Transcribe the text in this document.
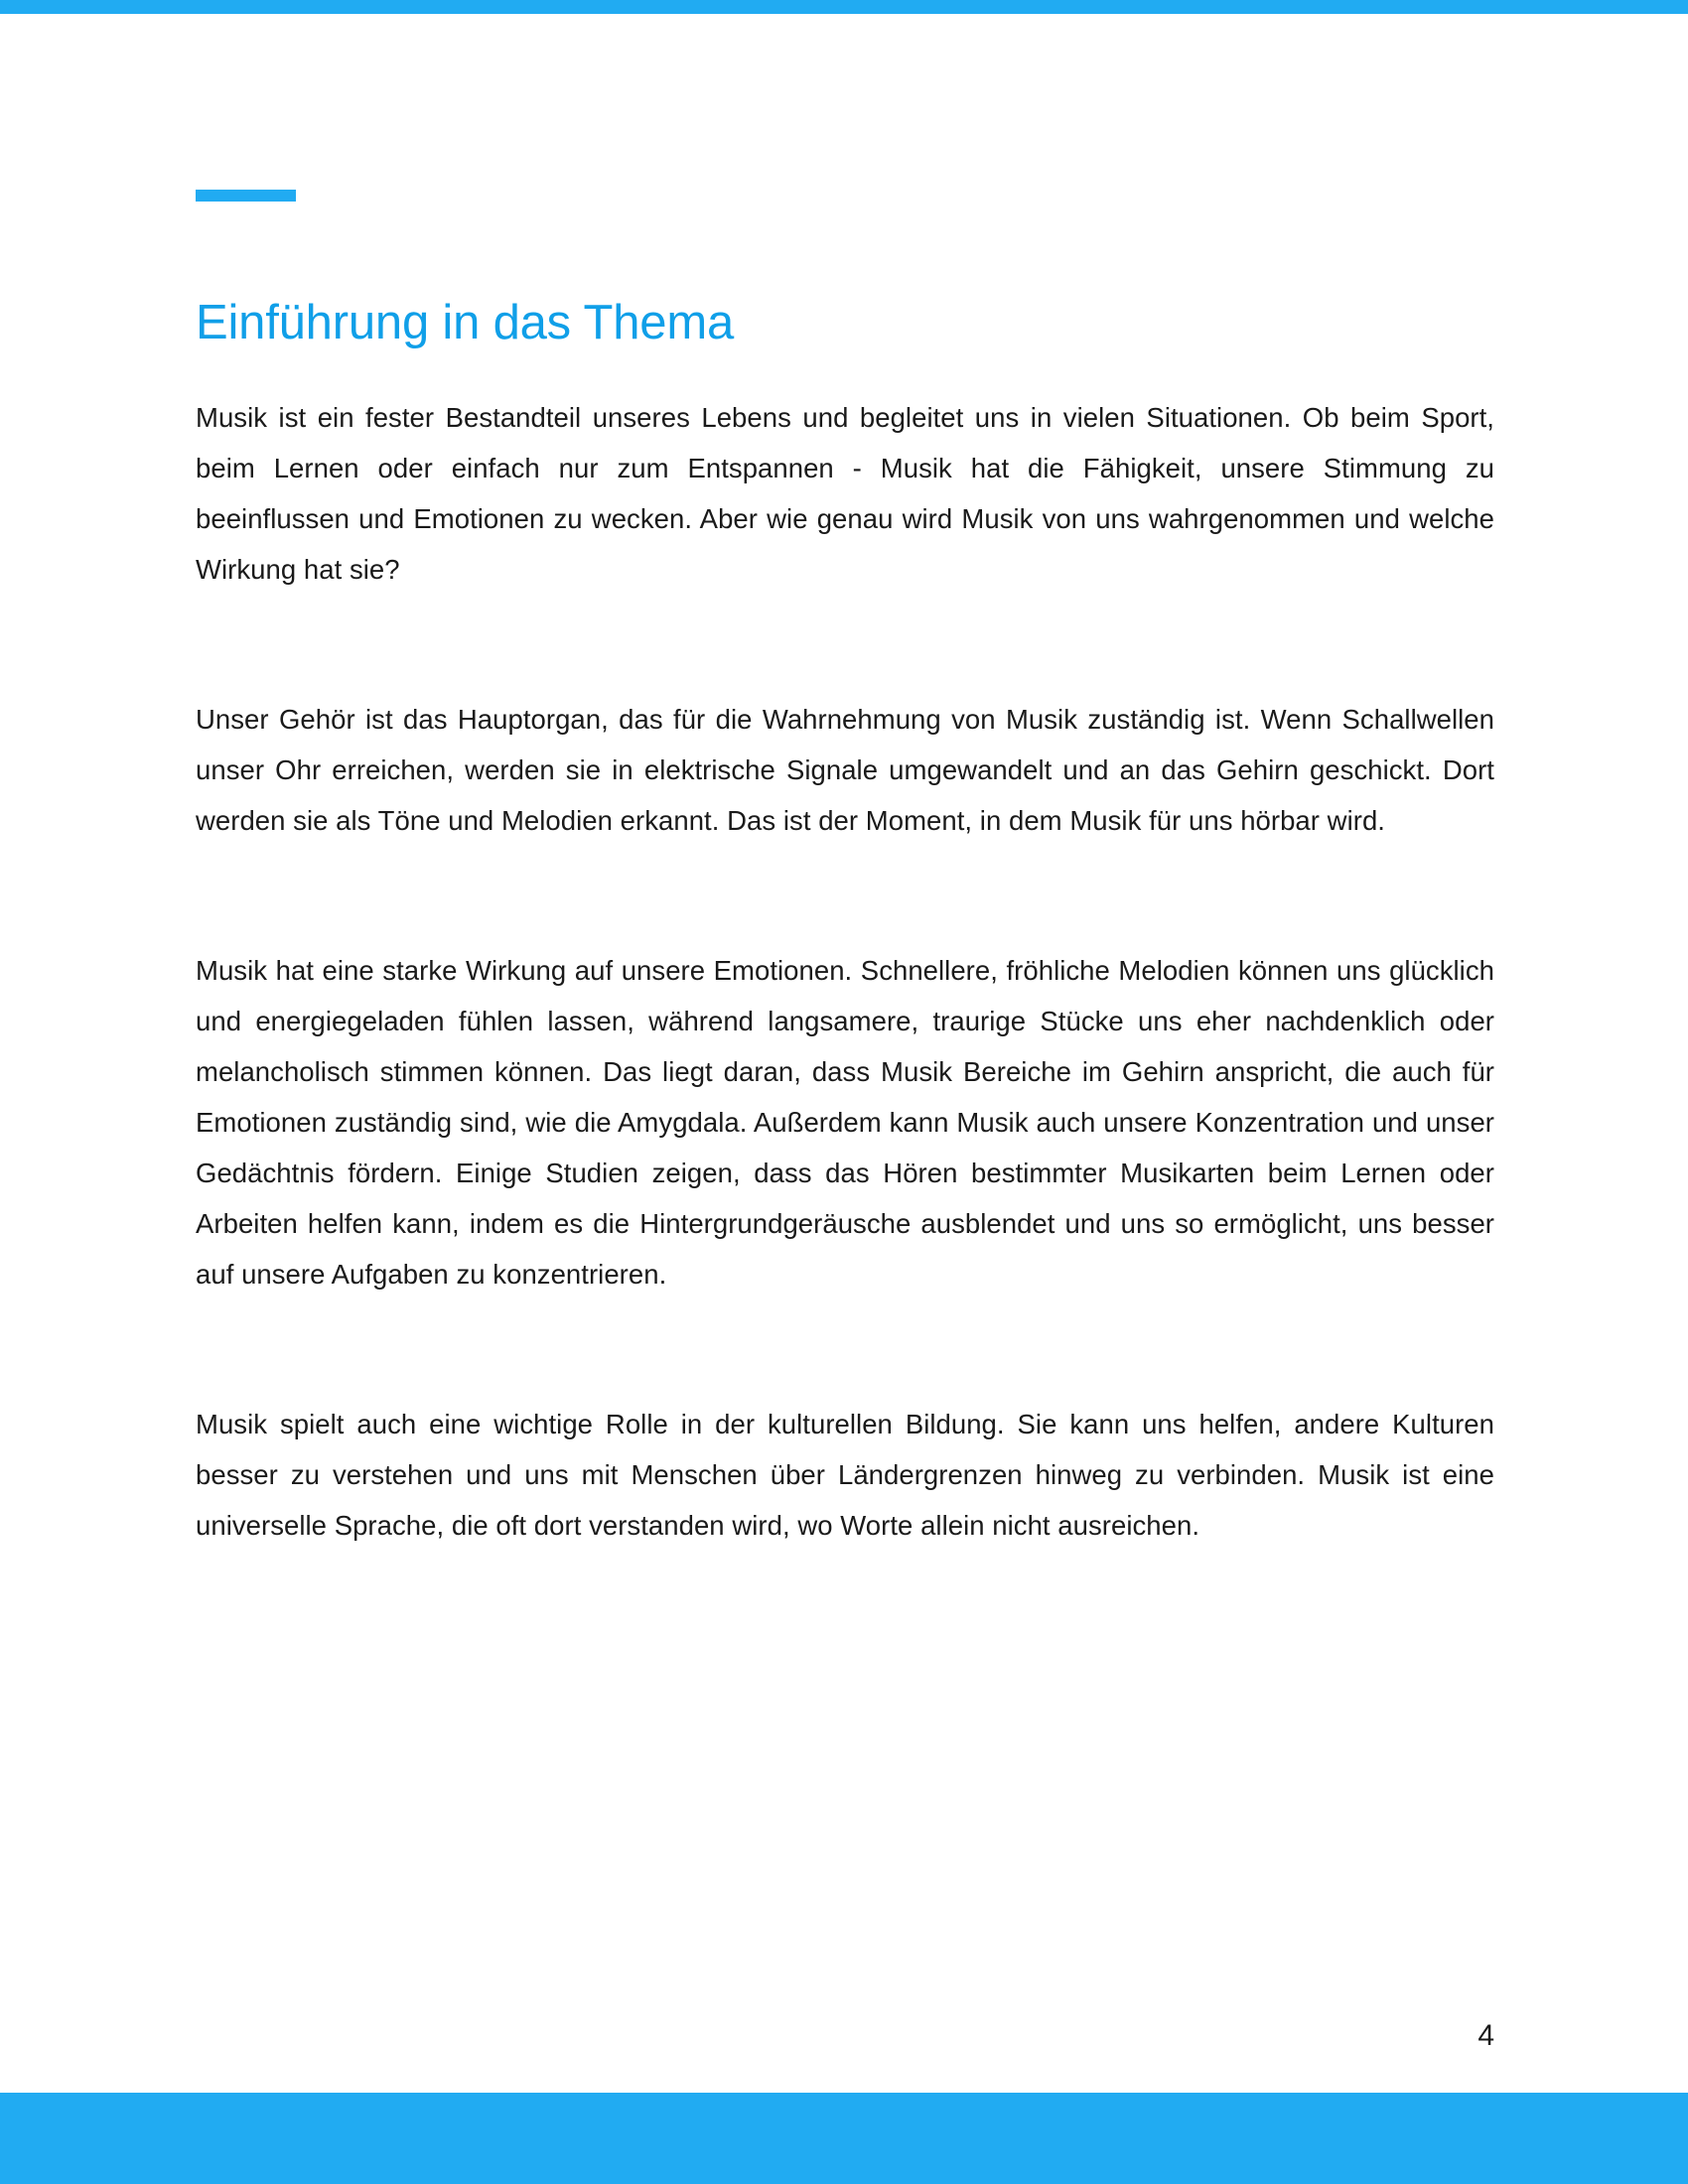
Einführung in das Thema

Musik ist ein fester Bestandteil unseres Lebens und begleitet uns in vielen Situationen. Ob beim Sport, beim Lernen oder einfach nur zum Entspannen - Musik hat die Fähigkeit, unsere Stimmung zu beeinflussen und Emotionen zu wecken. Aber wie genau wird Musik von uns wahrgenommen und welche Wirkung hat sie?

Unser Gehör ist das Hauptorgan, das für die Wahrnehmung von Musik zuständig ist. Wenn Schallwellen unser Ohr erreichen, werden sie in elektrische Signale umgewandelt und an das Gehirn geschickt. Dort werden sie als Töne und Melodien erkannt. Das ist der Moment, in dem Musik für uns hörbar wird.

Musik hat eine starke Wirkung auf unsere Emotionen. Schnellere, fröhliche Melodien können uns glücklich und energiegeladen fühlen lassen, während langsamere, traurige Stücke uns eher nachdenklich oder melancholisch stimmen können. Das liegt daran, dass Musik Bereiche im Gehirn anspricht, die auch für Emotionen zuständig sind, wie die Amygdala. Außerdem kann Musik auch unsere Konzentration und unser Gedächtnis fördern. Einige Studien zeigen, dass das Hören bestimmter Musikarten beim Lernen oder Arbeiten helfen kann, indem es die Hintergrundgeräusche ausblendet und uns so ermöglicht, uns besser auf unsere Aufgaben zu konzentrieren.

Musik spielt auch eine wichtige Rolle in der kulturellen Bildung. Sie kann uns helfen, andere Kulturen besser zu verstehen und uns mit Menschen über Ländergrenzen hinweg zu verbinden. Musik ist eine universelle Sprache, die oft dort verstanden wird, wo Worte allein nicht ausreichen.

4
